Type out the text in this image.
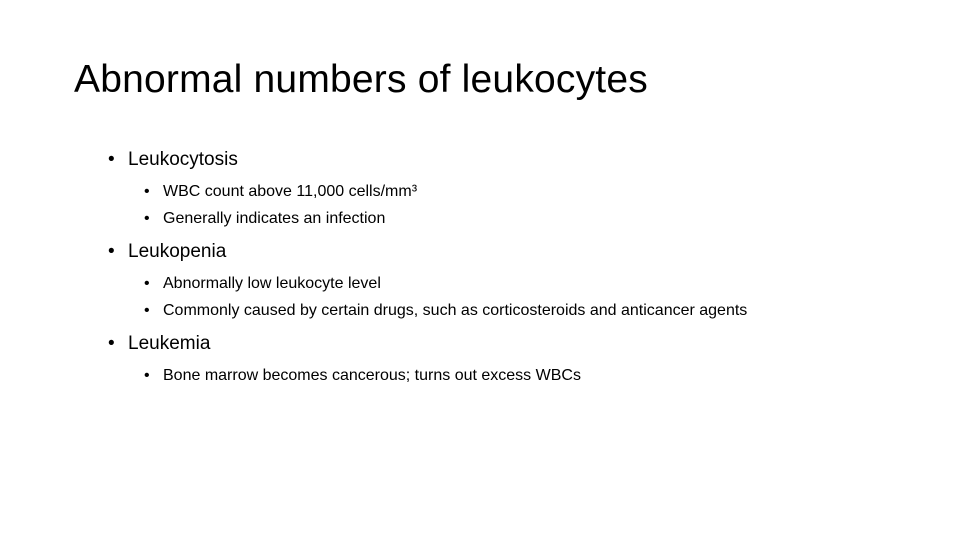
Abnormal numbers of leukocytes
• Leukocytosis
• WBC count above 11,000 cells/mm³
• Generally indicates an infection
• Leukopenia
• Abnormally low leukocyte level
• Commonly caused by certain drugs, such as corticosteroids and anticancer agents
• Leukemia
• Bone marrow becomes cancerous; turns out excess WBCs
